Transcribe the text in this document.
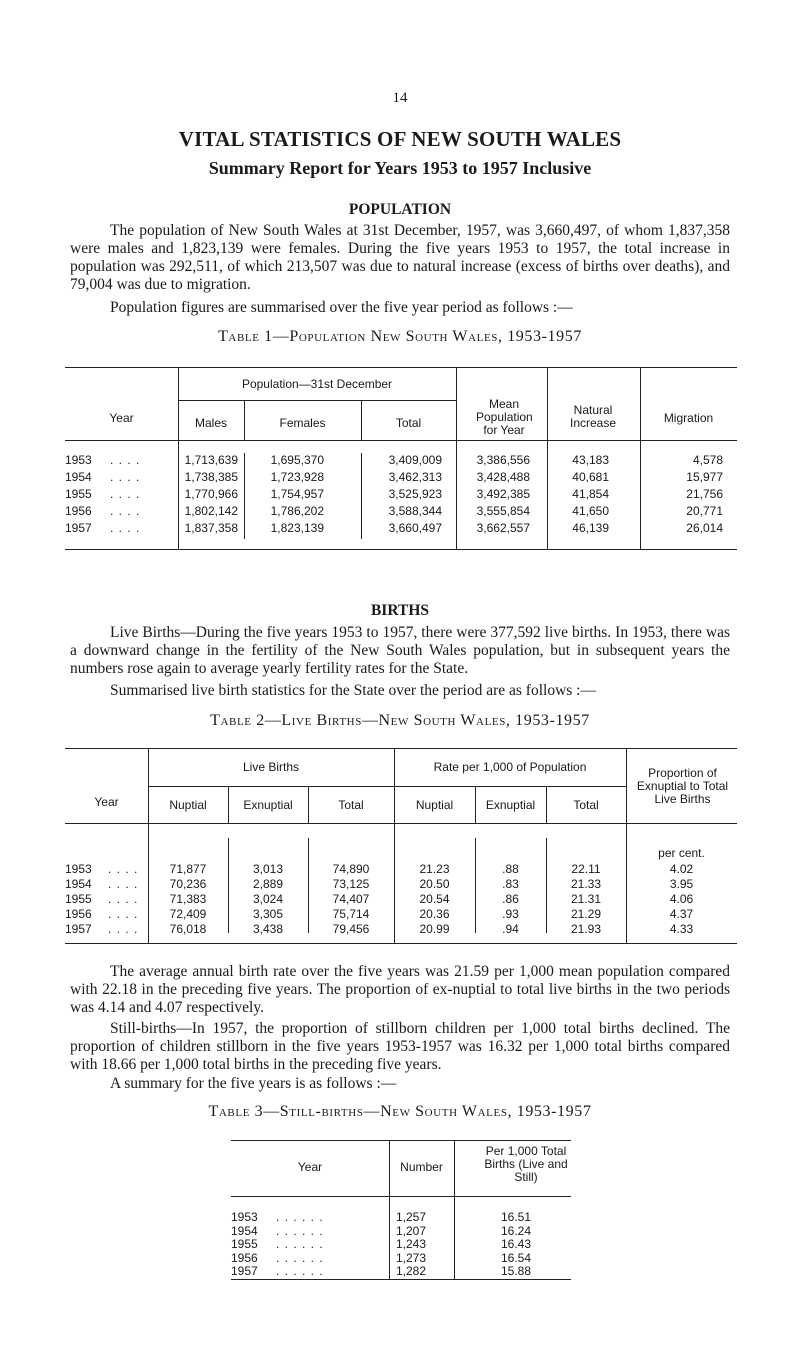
14
VITAL STATISTICS OF NEW SOUTH WALES
Summary Report for Years 1953 to 1957 Inclusive
POPULATION
The population of New South Wales at 31st December, 1957, was 3,660,497, of whom 1,837,358 were males and 1,823,139 were females. During the five years 1953 to 1957, the total increase in population was 292,511, of which 213,507 was due to natural increase (excess of births over deaths), and 79,004 was due to migration.
Population figures are summarised over the five year period as follows :—
Table 1—Population New South Wales, 1953-1957
Year
Population—31st December
Males	Females	Total
Mean Population for Year
Natural Increase	Migration
1953 . . . .	1,713,639	1,695,370	3,409,009	3,386,556	43,183	4,578
1954 . . . .	1,738,385	1,723,928	3,462,313	3,428,488	40,681	15,977
1955 . . . .	1,770,966	1,754,957	3,525,923	3,492,385	41,854	21,756
1956 . . . .	1,802,142	1,786,202	3,588,344	3,555,854	41,650	20,771
1957 . . . .	1,837,358	1,823,139	3,660,497	3,662,557	46,139	26,014
BIRTHS
Live Births—During the five years 1953 to 1957, there were 377,592 live births. In 1953, there was a downward change in the fertility of the New South Wales population, but in subsequent years the numbers rose again to average yearly fertility rates for the State.
Summarised live birth statistics for the State over the period are as follows :—
Table 2—Live Births—New South Wales, 1953-1957
Year
Live Births	Rate per 1,000 of Population	Proportion of Exnuptial to Total Live Births
Nuptial	Exnuptial	Total	Nuptial	Exnuptial	Total
per cent.
1953 . . . .	71,877	3,013	74,890	21.23	.88	22.11	4.02
1954 . . . .	70,236	2,889	73,125	20.50	.83	21.33	3.95
1955 . . . .	71,383	3,024	74,407	20.54	.86	21.31	4.06
1956 . . . .	72,409	3,305	75,714	20.36	.93	21.29	4.37
1957 . . . .	76,018	3,438	79,456	20.99	.94	21.93	4.33
The average annual birth rate over the five years was 21.59 per 1,000 mean population compared with 22.18 in the preceding five years. The proportion of ex-nuptial to total live births in the two periods was 4.14 and 4.07 respectively.
Still-births—In 1957, the proportion of stillborn children per 1,000 total births declined. The proportion of children stillborn in the five years 1953-1957 was 16.32 per 1,000 total births compared with 18.66 per 1,000 total births in the preceding five years.
A summary for the five years is as follows :—
Table 3—Still-births—New South Wales, 1953-1957
Year	Number
Per 1,000 Total Births (Live and Still)
1953 . . . . . .	1,257	16.51
1954 . . . . . .	1,207	16.24
1955 . . . . . .	1,243	16.43
1956 . . . . . .	1,273	16.54
1957 . . . . . .	1,282	15.88
